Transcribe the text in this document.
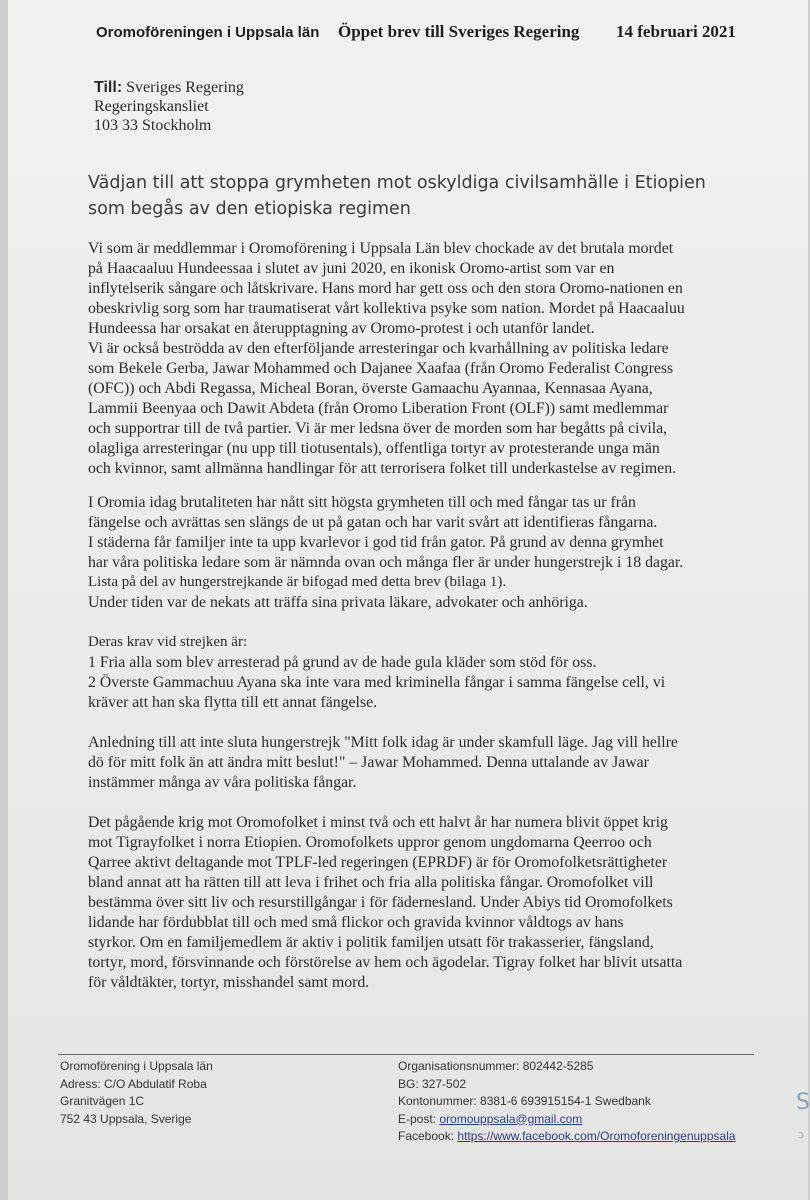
Oromoföreningen i Uppsala län Öppet brev till Sveriges Regering 14 februari 2021
Till: Sveriges Regering
Regeringskansliet
103 33 Stockholm
Vädjan till att stoppa grymheten mot oskyldiga civilsamhälle i Etiopien
som begås av den etiopiska regimen
Vi som är meddlemmar i Oromoförening i Uppsala Län blev chockade av det brutala mordet
på Haacaaluu Hundeessaa i slutet av juni 2020, en ikonisk Oromo-artist som var en
inflytelserik sångare och låtskrivare. Hans mord har gett oss och den stora Oromo-nationen en
obeskrivlig sorg som har traumatiserat vårt kollektiva psyke som nation. Mordet på Haacaaluu
Hundeessa har orsakat en återupptagning av Oromo-protest i och utanför landet.
Vi är också beströdda av den efterföljande arresteringar och kvarhållning av politiska ledare
som Bekele Gerba, Jawar Mohammed och Dajanee Xaafaa (från Oromo Federalist Congress
(OFC)) och Abdi Regassa, Micheal Boran, överste Gamaachu Ayannaa, Kennasaa Ayana,
Lammii Beenyaa och Dawit Abdeta (från Oromo Liberation Front (OLF)) samt medlemmar
och supportrar till de två partier. Vi är mer ledsna över de morden som har begåtts på civila,
olagliga arresteringar (nu upp till tiotusentals), offentliga tortyr av protesterande unga män
och kvinnor, samt allmänna handlingar för att terrorisera folket till underkastelse av regimen.
I Oromia idag brutaliteten har nått sitt högsta grymheten till och med fångar tas ur från
fängelse och avrättas sen slängs de ut på gatan och har varit svårt att identifieras fångarna.
I städerna får familjer inte ta upp kvarlevor i god tid från gator. På grund av denna grymhet
har våra politiska ledare som är nämnda ovan och många fler är under hungerstrejk i 18 dagar.
Lista på del av hungerstrejkande är bifogad med detta brev (bilaga 1).
Under tiden var de nekats att träffa sina privata läkare, advokater och anhöriga.
Deras krav vid strejken är:
1 Fria alla som blev arresterad på grund av de hade gula kläder som stöd för oss.
2 Överste Gammachuu Ayana ska inte vara med kriminella fångar i samma fängelse cell, vi
kräver att han ska flytta till ett annat fängelse.
Anledning till att inte sluta hungerstrejk "Mitt folk idag är under skamfull läge. Jag vill hellre
dö för mitt folk än att ändra mitt beslut!" – Jawar Mohammed. Denna uttalande av Jawar
instämmer många av våra politiska fångar.
Det pågående krig mot Oromofolket i minst två och ett halvt år har numera blivit öppet krig
mot Tigrayfolket i norra Etiopien. Oromofolkets uppror genom ungdomarna Qeerroo och
Qarree aktivt deltagande mot TPLF-led regeringen (EPRDF) är för Oromofolketsrättigheter
bland annat att ha rätten till att leva i frihet och fria alla politiska fångar. Oromofolket vill
bestämma över sitt liv och resurstillgångar i för fädernesland. Under Abiys tid Oromofolkets
lidande har fördubblat till och med små flickor och gravida kvinnor våldtogs av hans
styrkor. Om en familjemedlem är aktiv i politik familjen utsatt för trakasserier, fängsland,
tortyr, mord, försvinnande och förstörelse av hem och ägodelar. Tigray folket har blivit utsatta
för våldtäkter, tortyr, misshandel samt mord.
Oromoförening i Uppsala län
Adress: C/O Abdulatif Roba
Granitvägen 1C
752 43 Uppsala, Sverige
Organisationsnummer: 802442-5285
BG: 327-502
Kontonummer: 8381-6 693915154-1 Swedbank
E-post: oromouppsala@gmail.com
Facebook: https://www.facebook.com/Oromoforeningenuppsala
S
ↄ
